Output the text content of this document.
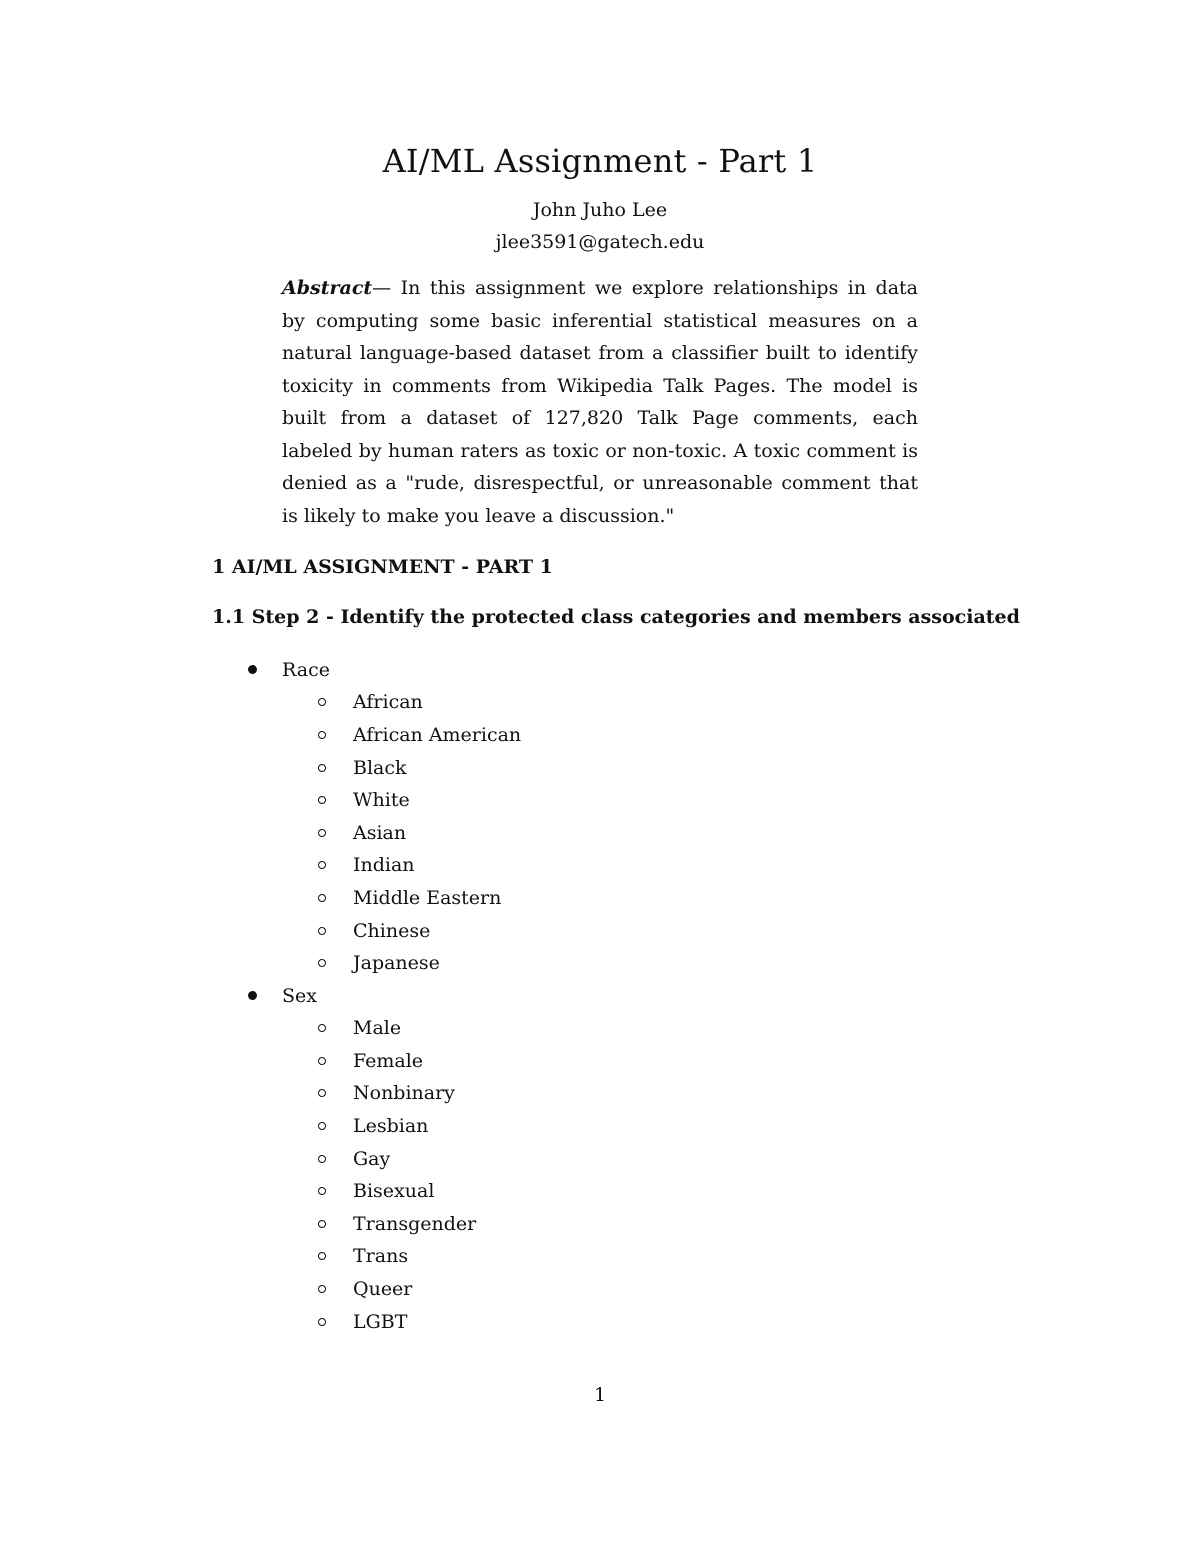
AI/ML Assignment - Part 1
John Juho Lee
jlee3591@gatech.edu

Abstract— In this assignment we explore relationships in data by computing some basic inferential statistical measures on a natural language-based dataset from a classifier built to identify toxicity in comments from Wikipedia Talk Pages. The model is built from a dataset of 127,820 Talk Page comments, each labeled by human raters as toxic or non-toxic. A toxic comment is denied as a "rude, disrespectful, or unreasonable comment that is likely to make you leave a discussion."

1 AI/ML ASSIGNMENT - PART 1
1.1 Step 2 - Identify the protected class categories and members associated
Race
African
African American
Black
White
Asian
Indian
Middle Eastern
Chinese
Japanese
Sex
Male
Female
Nonbinary
Lesbian
Gay
Bisexual
Transgender
Trans
Queer
LGBT
1
